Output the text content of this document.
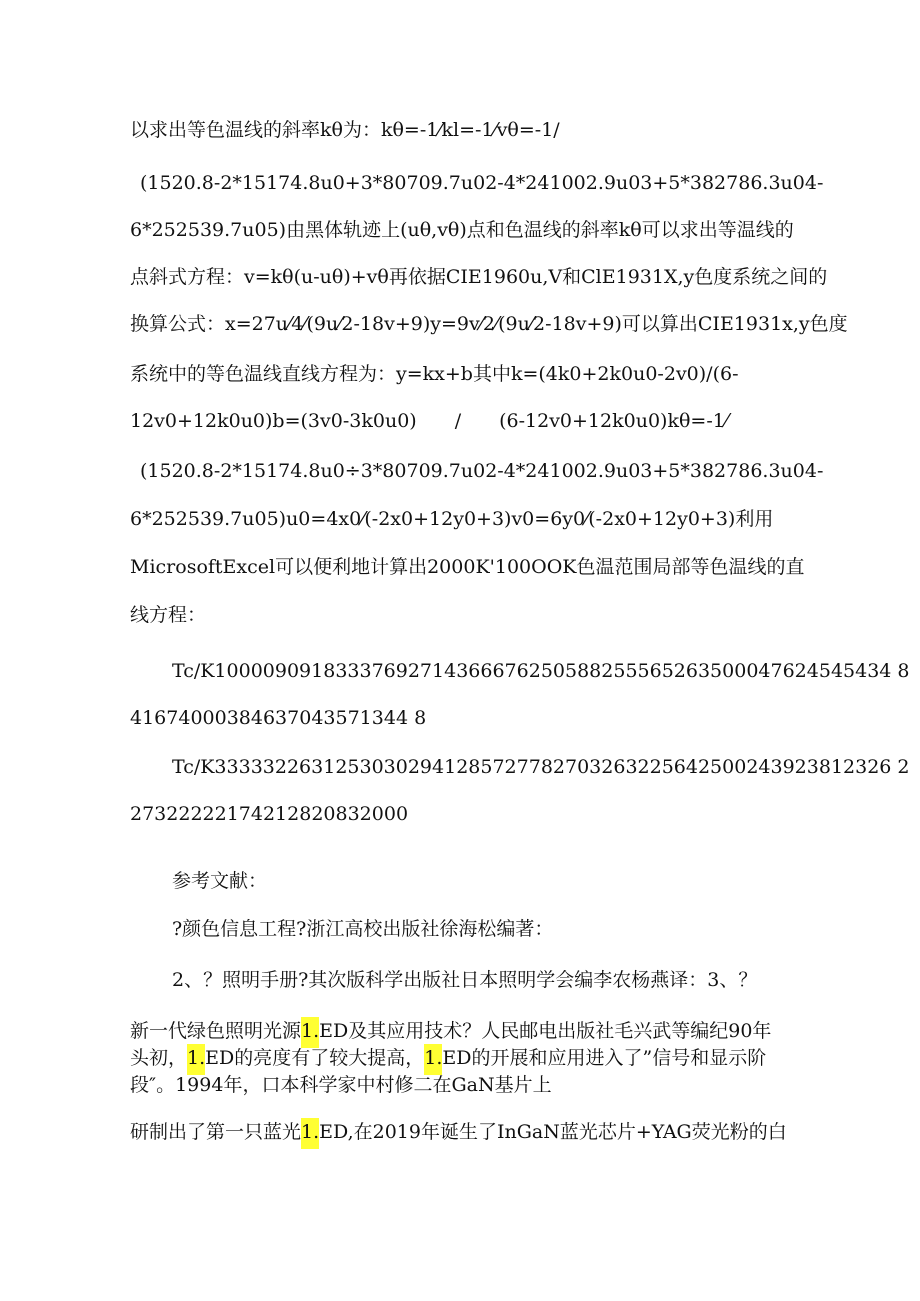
以求出等色温线的斜率kθ为：kθ=-1⁄kl=-1⁄vθ=-1/
(1520.8-2*15174.8u0+3*80709.7u02-4*241002.9u03+5*382786.3u04-
6*252539.7u05)由黑体轨迹上(uθ,vθ)点和色温线的斜率kθ可以求出等温线的
点斜式方程：v=kθ(u-uθ)+vθ再依据CIE1960u,V和ClE1931X,y色度系统之间的
换算公式：x=27u⁄4⁄(9u⁄2-18v+9)y=9v⁄2⁄(9u⁄2-18v+9)可以算出CIE1931x,y色度
系统中的等色温线直线方程为：y=kx+b其中k=(4k0+2k0u0-2v0)/(6-
12v0+12k0u0)b=(3v0-3k0u0)　　/　　(6-12v0+12k0u0)kθ=-1⁄
(1520.8-2*15174.8u0÷3*80709.7u02-4*241002.9u03+5*382786.3u04-
6*252539.7u05)u0=4x0⁄(-2x0+12y0+3)v0=6y0⁄(-2x0+12y0+3)利用
MicrosoftExcel可以便利地计算出2000K'100OOK色温范围局部等色温线的直
线方程：
Tc/K10000909183337692714366676250588255565263500047624545434 8
41674000384637043571344 8
Tc/K33333226312530302941285727782703263225642500243923812326 2
27322222174212820832000
参考文献：
?颜色信息工程?浙江高校出版社徐海松编著：
2、？照明手册?其次版科学出版社日本照明学会编李农杨燕译：3、？
新一代绿色照明光源1.ED及其应用技术？人民邮电出版社毛兴武等编纪90年
头初，1.ED的亮度有了较大提高，1.ED的开展和应用进入了”信号和显示阶
段″。1994年，口本科学家中村修二在GaN基片上
研制出了第一只蓝光1.ED,在2019年诞生了InGaN蓝光芯片+YAG荧光粉的白
